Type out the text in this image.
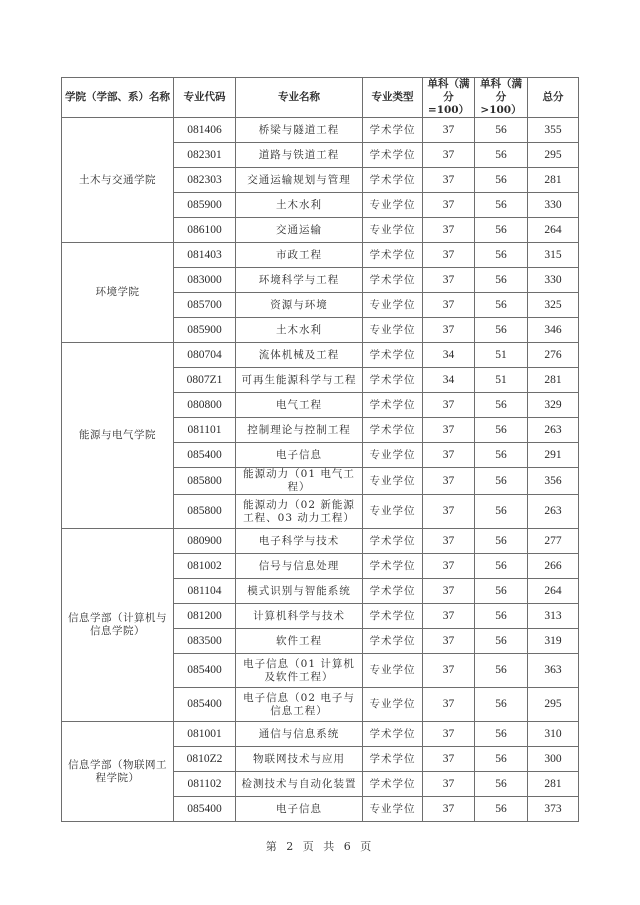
学院（学部、系）名称	专业代码	专业名称	专业类型	单科（满分=100）	单科（满分>100）	总分
土木与交通学院	081406	桥梁与隧道工程	学术学位	37	56	355
	082301	道路与铁道工程	学术学位	37	56	295
	082303	交通运输规划与管理	学术学位	37	56	281
	085900	土木水利	专业学位	37	56	330
	086100	交通运输	专业学位	37	56	264
环境学院	081403	市政工程	学术学位	37	56	315
	083000	环境科学与工程	学术学位	37	56	330
	085700	资源与环境	专业学位	37	56	325
	085900	土木水利	专业学位	37	56	346
能源与电气学院	080704	流体机械及工程	学术学位	34	51	276
	0807Z1	可再生能源科学与工程	学术学位	34	51	281
	080800	电气工程	学术学位	37	56	329
	081101	控制理论与控制工程	学术学位	37	56	263
	085400	电子信息	专业学位	37	56	291
	085800	能源动力（01 电气工程）	专业学位	37	56	356
	085800	能源动力（02 新能源工程、03 动力工程）	专业学位	37	56	263
信息学部（计算机与信息学院）	080900	电子科学与技术	学术学位	37	56	277
	081002	信号与信息处理	学术学位	37	56	266
	081104	模式识别与智能系统	学术学位	37	56	264
	081200	计算机科学与技术	学术学位	37	56	313
	083500	软件工程	学术学位	37	56	319
	085400	电子信息（01 计算机及软件工程）	专业学位	37	56	363
	085400	电子信息（02 电子与信息工程）	专业学位	37	56	295
信息学部（物联网工程学院）	081001	通信与信息系统	学术学位	37	56	310
	0810Z2	物联网技术与应用	学术学位	37	56	300
	081102	检测技术与自动化装置	学术学位	37	56	281
	085400	电子信息	专业学位	37	56	373
第 2 页 共 6 页
